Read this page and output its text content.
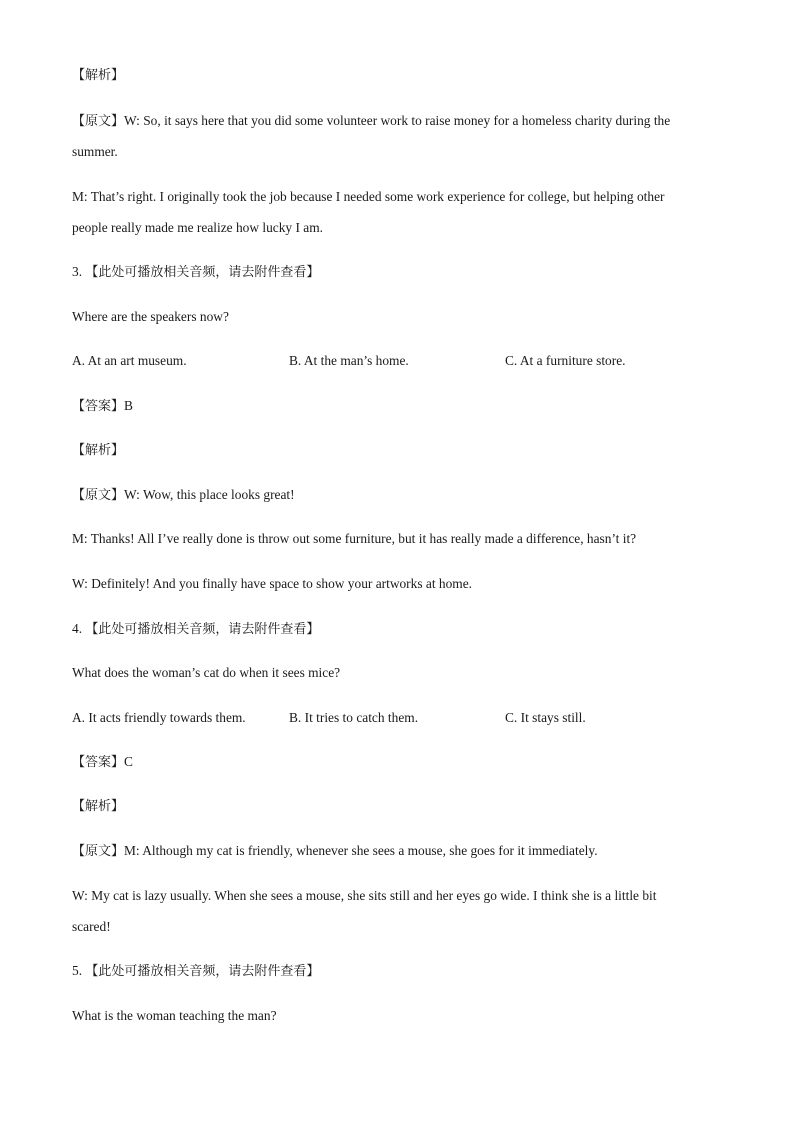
【解析】
【原文】W: So, it says here that you did some volunteer work to raise money for a homeless charity during the
summer.
M: That’s right. I originally took the job because I needed some work experience for college, but helping other
people really made me realize how lucky I am.
3. 【此处可播放相关音频，请去附件查看】
Where are the speakers now?
A. At an art museum.	B. At the man’s home.	C. At a furniture store.
【答案】B
【解析】
【原文】W: Wow, this place looks great!
M: Thanks! All I’ve really done is throw out some furniture, but it has really made a difference, hasn’t it?
W: Definitely! And you finally have space to show your artworks at home.
4. 【此处可播放相关音频，请去附件查看】
What does the woman’s cat do when it sees mice?
A. It acts friendly towards them.	B. It tries to catch them.	C. It stays still.
【答案】C
【解析】
【原文】M: Although my cat is friendly, whenever she sees a mouse, she goes for it immediately.
W: My cat is lazy usually. When she sees a mouse, she sits still and her eyes go wide. I think she is a little bit
scared!
5. 【此处可播放相关音频，请去附件查看】
What is the woman teaching the man?
